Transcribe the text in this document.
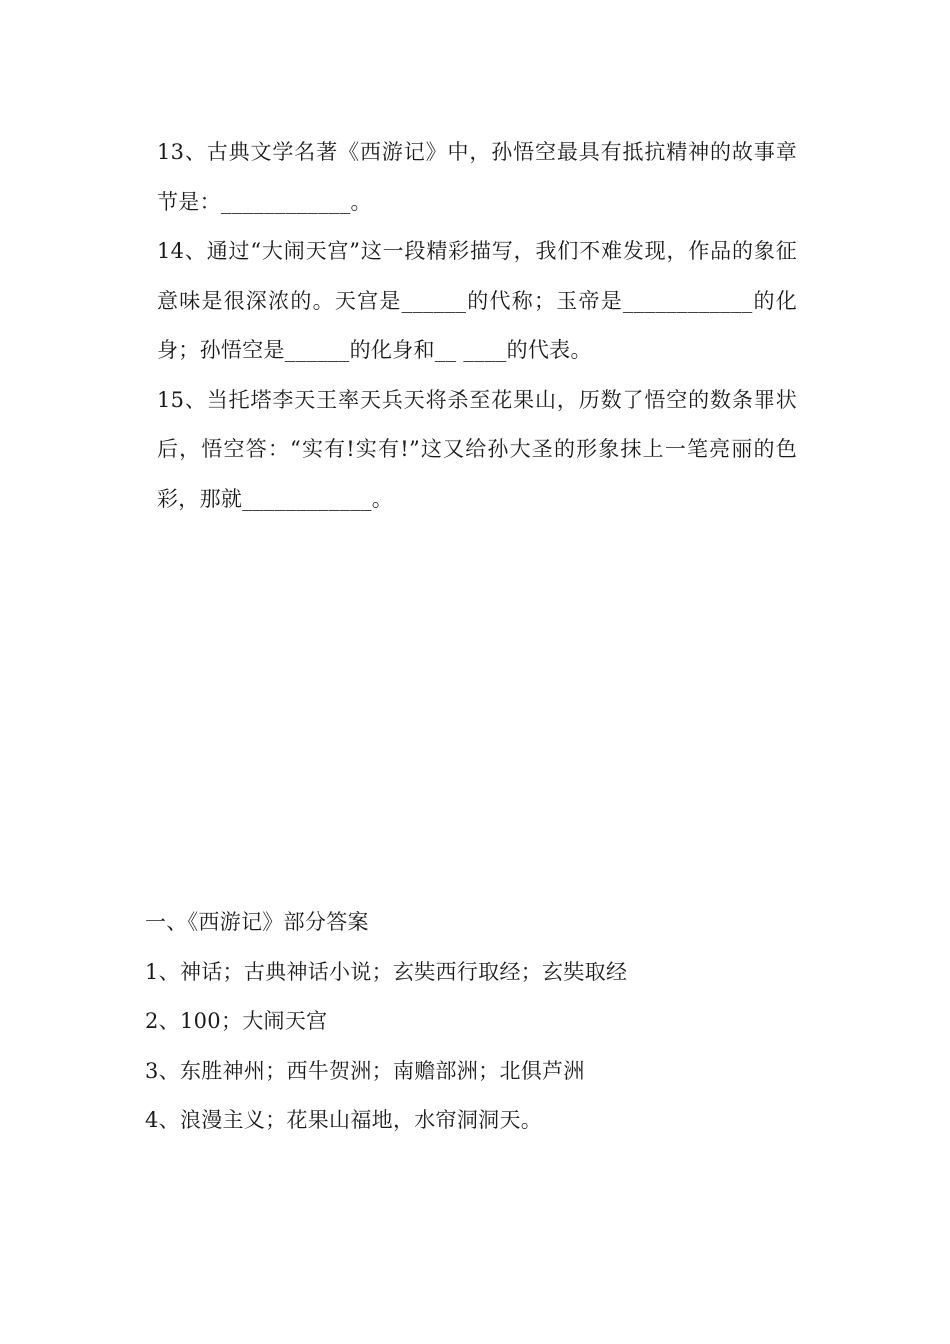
13、古典文学名著《西游记》中，孙悟空最具有抵抗精神的故事章节是：____________。

14、通过“大闹天宫”这一段精彩描写，我们不难发现，作品的象征意味是很深浓的。天宫是______的代称；玉帝是____________的化身；孙悟空是______的化身和__ ____的代表。

15、当托塔李天王率天兵天将杀至花果山，历数了悟空的数条罪状后，悟空答：“实有!实有!”这又给孙大圣的形象抹上一笔亮丽的色彩，那就____________。

一、《西游记》部分答案

1、神话；古典神话小说；玄奘西行取经；玄奘取经

2、100；大闹天宫

3、东胜神州；西牛贺洲；南赡部洲；北俱芦洲

4、浪漫主义；花果山福地，水帘洞洞天。
